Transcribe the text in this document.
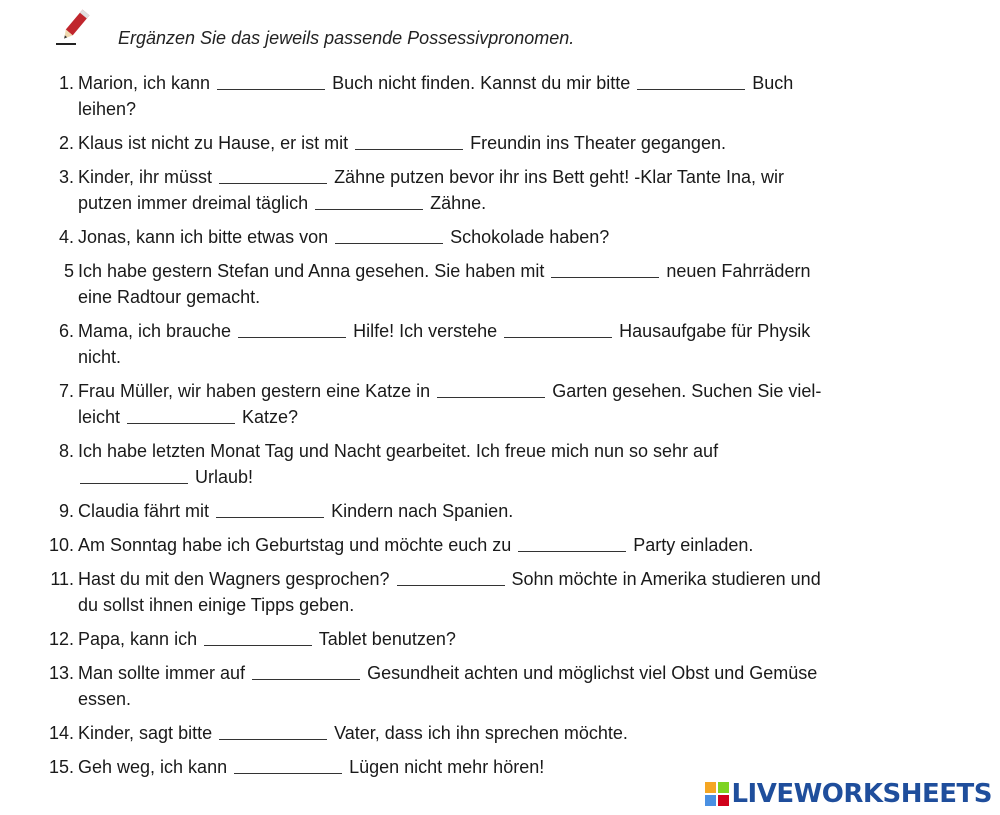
Ergänzen Sie das jeweils passende Possessivpronomen.
1. Marion, ich kann	Buch nicht finden. Kannst du mir bitte	Buch
leihen?
2. Klaus ist nicht zu Hause, er ist mit	Freundin ins Theater gegangen.
3. Kinder, ihr müsst	Zähne putzen bevor ihr ins Bett geht! -Klar Tante Ina, wir
putzen immer dreimal täglich	Zähne.
4. Jonas, kann ich bitte etwas von	Schokolade haben?
5 Ich habe gestern Stefan und Anna gesehen. Sie haben mit	neuen Fahrrädern
eine Radtour gemacht.
6. Mama, ich brauche	Hilfe! Ich verstehe	Hausaufgabe für Physik
nicht.
7. Frau Müller, wir haben gestern eine Katze in	Garten gesehen. Suchen Sie viel-
leicht	Katze?
8. Ich habe letzten Monat Tag und Nacht gearbeitet. Ich freue mich nun so sehr auf
Urlaub!
9. Claudia fährt mit	Kindern nach Spanien.
10. Am Sonntag habe ich Geburtstag und möchte euch zu	Party einladen.
11. Hast du mit den Wagners gesprochen?	Sohn möchte in Amerika studieren und
du sollst ihnen einige Tipps geben.
12. Papa, kann ich	Tablet benutzen?
13. Man sollte immer auf	Gesundheit achten und möglichst viel Obst und Gemüse
essen.
14. Kinder, sagt bitte	Vater, dass ich ihn sprechen möchte.
15. Geh weg, ich kann	Lügen nicht mehr hören!
LIVEWORKSHEETS
